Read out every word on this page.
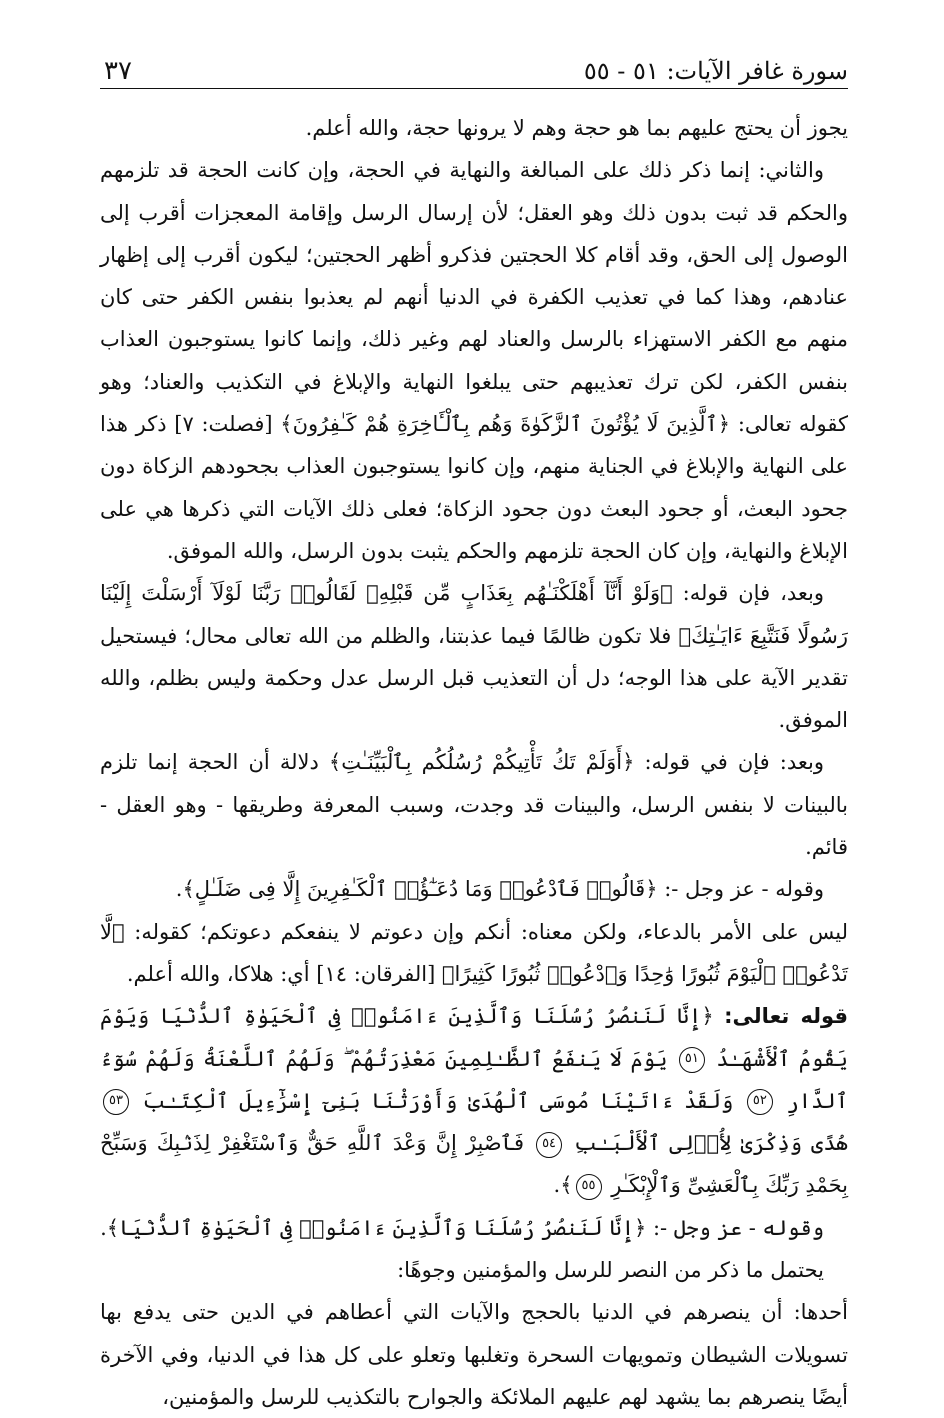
سورة غافر الآيات: ٥١ - ٥٥
٣٧

يجوز أن يحتج عليهم بما هو حجة وهم لا يرونها حجة، والله أعلم.

والثاني: إنما ذكر ذلك على المبالغة والنهاية في الحجة، وإن كانت الحجة قد تلزمهم والحكم قد ثبت بدون ذلك وهو العقل؛ لأن إرسال الرسل وإقامة المعجزات أقرب إلى الوصول إلى الحق، وقد أقام كلا الحجتين فذكرو أظهر الحجتين؛ ليكون أقرب إلى إظهار عنادهم، وهذا كما في تعذيب الكفرة في الدنيا أنهم لم يعذبوا بنفس الكفر حتى كان منهم مع الكفر الاستهزاء بالرسل والعناد لهم وغير ذلك، وإنما كانوا يستوجبون العذاب بنفس الكفر، لكن ترك تعذيبهم حتى يبلغوا النهاية والإبلاغ في التكذيب والعناد؛ وهو كقوله تعالى: ﴿ٱلَّذِينَ لَا يُؤْتُونَ ٱلزَّكَوٰةَ وَهُم بِٱلْـَٔاخِرَةِ هُمْ كَـٰفِرُونَ﴾ [فصلت: ٧] ذكر هذا على النهاية والإبلاغ في الجناية منهم، وإن كانوا يستوجبون العذاب بجحودهم الزكاة دون جحود البعث، أو جحود البعث دون جحود الزكاة؛ فعلى ذلك الآيات التي ذكرها هي على الإبلاغ والنهاية، وإن كان الحجة تلزمهم والحكم يثبت بدون الرسل، والله الموفق.

وبعد، فإن قوله: ﴿وَلَوْ أَنَّآ أَهْلَكْنَـٰهُم بِعَذَابٍ مِّن قَبْلِهِۦ لَقَالُوا۟ رَبَّنَا لَوْلَآ أَرْسَلْتَ إِلَيْنَا رَسُولًا فَنَتَّبِعَ ءَايَـٰتِكَ﴾ فلا تكون ظالمًا فيما عذبتنا، والظلم من الله تعالى محال؛ فيستحيل تقدير الآية على هذا الوجه؛ دل أن التعذيب قبل الرسل عدل وحكمة وليس بظلم، والله الموفق.

وبعد: فإن في قوله: ﴿أَوَلَمْ تَكُ تَأْتِيكُمْ رُسُلُكُم بِٱلْبَيِّنَـٰتِ﴾ دلالة أن الحجة إنما تلزم بالبينات لا بنفس الرسل، والبينات قد وجدت، وسبب المعرفة وطريقها - وهو العقل - قائم.

وقوله - عز وجل -: ﴿قَالُوا۟ فَٱدْعُوا۟ وَمَا دُعَـٰٓؤُا۟ ٱلْكَـٰفِرِينَ إِلَّا فِى ضَلَـٰلٍ﴾.

ليس على الأمر بالدعاء، ولكن معناه: أنكم وإن دعوتم لا ينفعكم دعوتكم؛ كقوله: ﴿لَّا تَدْعُوا۟ ٱلْيَوْمَ ثُبُورًا وَٰحِدًا وَٱدْعُوا۟ ثُبُورًا كَثِيرًا﴾ [الفرقان: ١٤] أي: هلاكا، والله أعلم.

قوله تعالى: ﴿إِنَّا لَنَنصُرُ رُسُلَنَا وَٱلَّذِينَ ءَامَنُوا۟ فِى ٱلْحَيَوٰةِ ٱلدُّنْيَا وَيَوْمَ يَقُومُ ٱلْأَشْهَـٰدُ ٥١ يَوْمَ لَا يَنفَعُ ٱلظَّـٰلِمِينَ مَعْذِرَتُهُمْ ۖ وَلَهُمُ ٱللَّعْنَةُ وَلَهُمْ سُوٓءُ ٱلدَّارِ ٥٢ وَلَقَدْ ءَاتَيْنَا مُوسَى ٱلْهُدَىٰ وَأَوْرَثْنَا بَنِىٓ إِسْرَٰٓءِيلَ ٱلْكِتَـٰبَ ٥٣ هُدًى وَذِكْرَىٰ لِأُو۟لِى ٱلْأَلْبَـٰبِ ٥٤ فَٱصْبِرْ إِنَّ وَعْدَ ٱللَّهِ حَقٌّ وَٱسْتَغْفِرْ لِذَنۢبِكَ وَسَبِّحْ بِحَمْدِ رَبِّكَ بِٱلْعَشِىِّ وَٱلْإِبْكَـٰرِ ٥٥﴾.

وقوله - عز وجل -: ﴿إِنَّا لَنَنصُرُ رُسُلَنَا وَٱلَّذِينَ ءَامَنُوا۟ فِى ٱلْحَيَوٰةِ ٱلدُّنْيَا﴾.

يحتمل ما ذكر من النصر للرسل والمؤمنين وجوهًا:

أحدها: أن ينصرهم في الدنيا بالحجج والآيات التي أعطاهم في الدين حتى يدفع بها تسويلات الشيطان وتمويهات السحرة وتغلبها وتعلو على كل هذا في الدنيا، وفي الآخرة أيضًا ينصرهم بما يشهد لهم عليهم الملائكة والجوارح بالتكذيب للرسل والمؤمنين،
